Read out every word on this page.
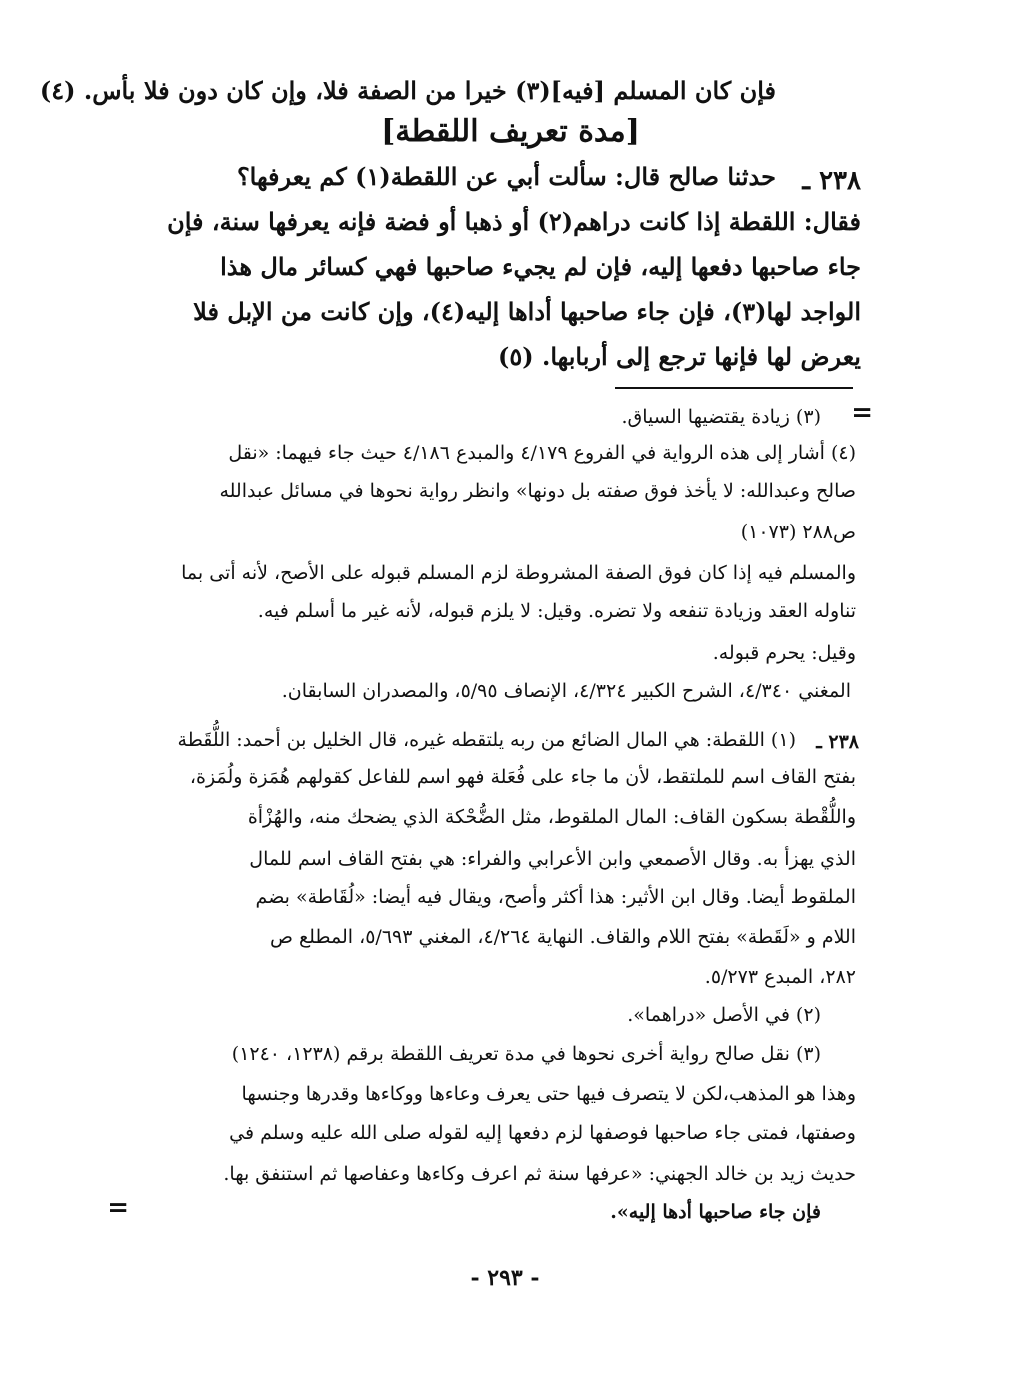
فإن كان المسلم [فيه](٣) خيرا من الصفة فلا، وإن كان دون فلا بأس. (٤)
[مدة تعريف اللقطة]
٢٣٨ ـ
حدثنا صالح قال: سألت أبي عن اللقطة(١) كم يعرفها؟
فقال: اللقطة إذا كانت دراهم(٢) أو ذهبا أو فضة فإنه يعرفها سنة، فإن
جاء صاحبها دفعها إليه، فإن لم يجيء صاحبها فهي كسائر مال هذا
الواجد لها(٣)، فإن جاء صاحبها أداها إليه(٤)، وإن كانت من الإبل فلا
يعرض لها فإنها ترجع إلى أربابها. (٥)
=
(٣) زيادة يقتضيها السياق.
(٤) أشار إلى هذه الرواية في الفروع ٤/١٧٩ والمبدع ٤/١٨٦ حيث جاء فيهما: «نقل
صالح وعبدالله: لا يأخذ فوق صفته بل دونها» وانظر رواية نحوها في مسائل عبدالله
ص٢٨٨ (١٠٧٣)
والمسلم فيه إذا كان فوق الصفة المشروطة لزم المسلم قبوله على الأصح، لأنه أتى بما
تناوله العقد وزيادة تنفعه ولا تضره. وقيل: لا يلزم قبوله، لأنه غير ما أسلم فيه.
وقيل: يحرم قبوله.
المغني ٤/٣٤٠، الشرح الكبير ٤/٣٢٤، الإنصاف ٥/٩٥، والمصدران السابقان.
٢٣٨ ـ
(١) اللقطة: هي المال الضائع من ربه يلتقطه غيره، قال الخليل بن أحمد: اللُّقَطة
بفتح القاف اسم للملتقط، لأن ما جاء على فُعَلة فهو اسم للفاعل كقولهم هُمَزة ولُمَزة،
واللُّقْطة بسكون القاف: المال الملقوط، مثل الضُّحْكة الذي يضحك منه، والهُزْأة
الذي يهزأ به. وقال الأصمعي وابن الأعرابي والفراء: هي بفتح القاف اسم للمال
الملقوط أيضا. وقال ابن الأثير: هذا أكثر وأصح، ويقال فيه أيضا: «لُقَاطة» بضم
اللام و «لَقَطة» بفتح اللام والقاف. النهاية ٤/٢٦٤، المغني ٥/٦٩٣، المطلع ص
٢٨٢، المبدع ٥/٢٧٣.
(٢) في الأصل «دراهما».
(٣) نقل صالح رواية أخرى نحوها في مدة تعريف اللقطة برقم (١٢٣٨، ١٢٤٠)
وهذا هو المذهب،لكن لا يتصرف فيها حتى يعرف وعاءها ووكاءها وقدرها وجنسها
وصفتها، فمتى جاء صاحبها فوصفها لزم دفعها إليه لقوله صلى الله عليه وسلم في
حديث زيد بن خالد الجهني: «عرفها سنة ثم اعرف وكاءها وعفاصها ثم استنفق بها.
فإن جاء صاحبها أدها إليه».
=
- ٢٩٣ -
